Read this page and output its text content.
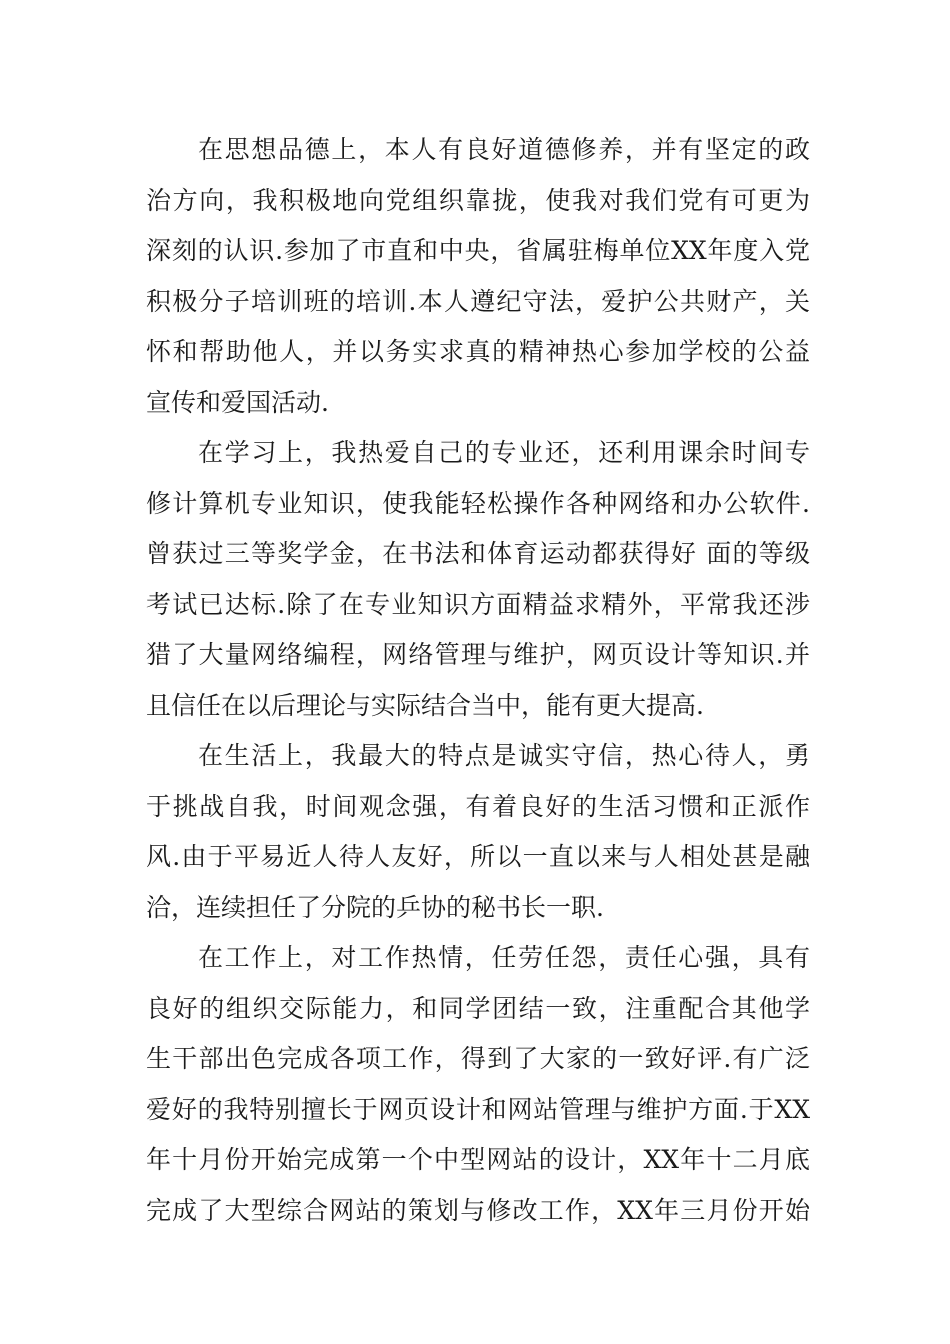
在思想品德上，本人有良好道德修养，并有坚定的政
治方向，我积极地向党组织靠拢，使我对我们党有可更为
深刻的认识.参加了市直和中央，省属驻梅单位XX年度入党
积极分子培训班的培训.本人遵纪守法，爱护公共财产，关
怀和帮助他人，并以务实求真的精神热心参加学校的公益
宣传和爱国活动.
在学习上，我热爱自己的专业还，还利用课余时间专
修计算机专业知识，使我能轻松操作各种网络和办公软件.
曾获过三等奖学金，在书法和体育运动都获得好 面的等级
考试已达标.除了在专业知识方面精益求精外，平常我还涉
猎了大量网络编程，网络管理与维护，网页设计等知识.并
且信任在以后理论与实际结合当中，能有更大提高.
在生活上，我最大的特点是诚实守信，热心待人，勇
于挑战自我，时间观念强，有着良好的生活习惯和正派作
风.由于平易近人待人友好，所以一直以来与人相处甚是融
洽，连续担任了分院的乒协的秘书长一职.
在工作上，对工作热情，任劳任怨，责任心强，具有
良好的组织交际能力，和同学团结一致，注重配合其他学
生干部出色完成各项工作，得到了大家的一致好评.有广泛
爱好的我特别擅长于网页设计和网站管理与维护方面.于XX
年十月份开始完成第一个中型网站的设计，XX年十二月底
完成了大型综合网站的策划与修改工作，XX年三月份开始
